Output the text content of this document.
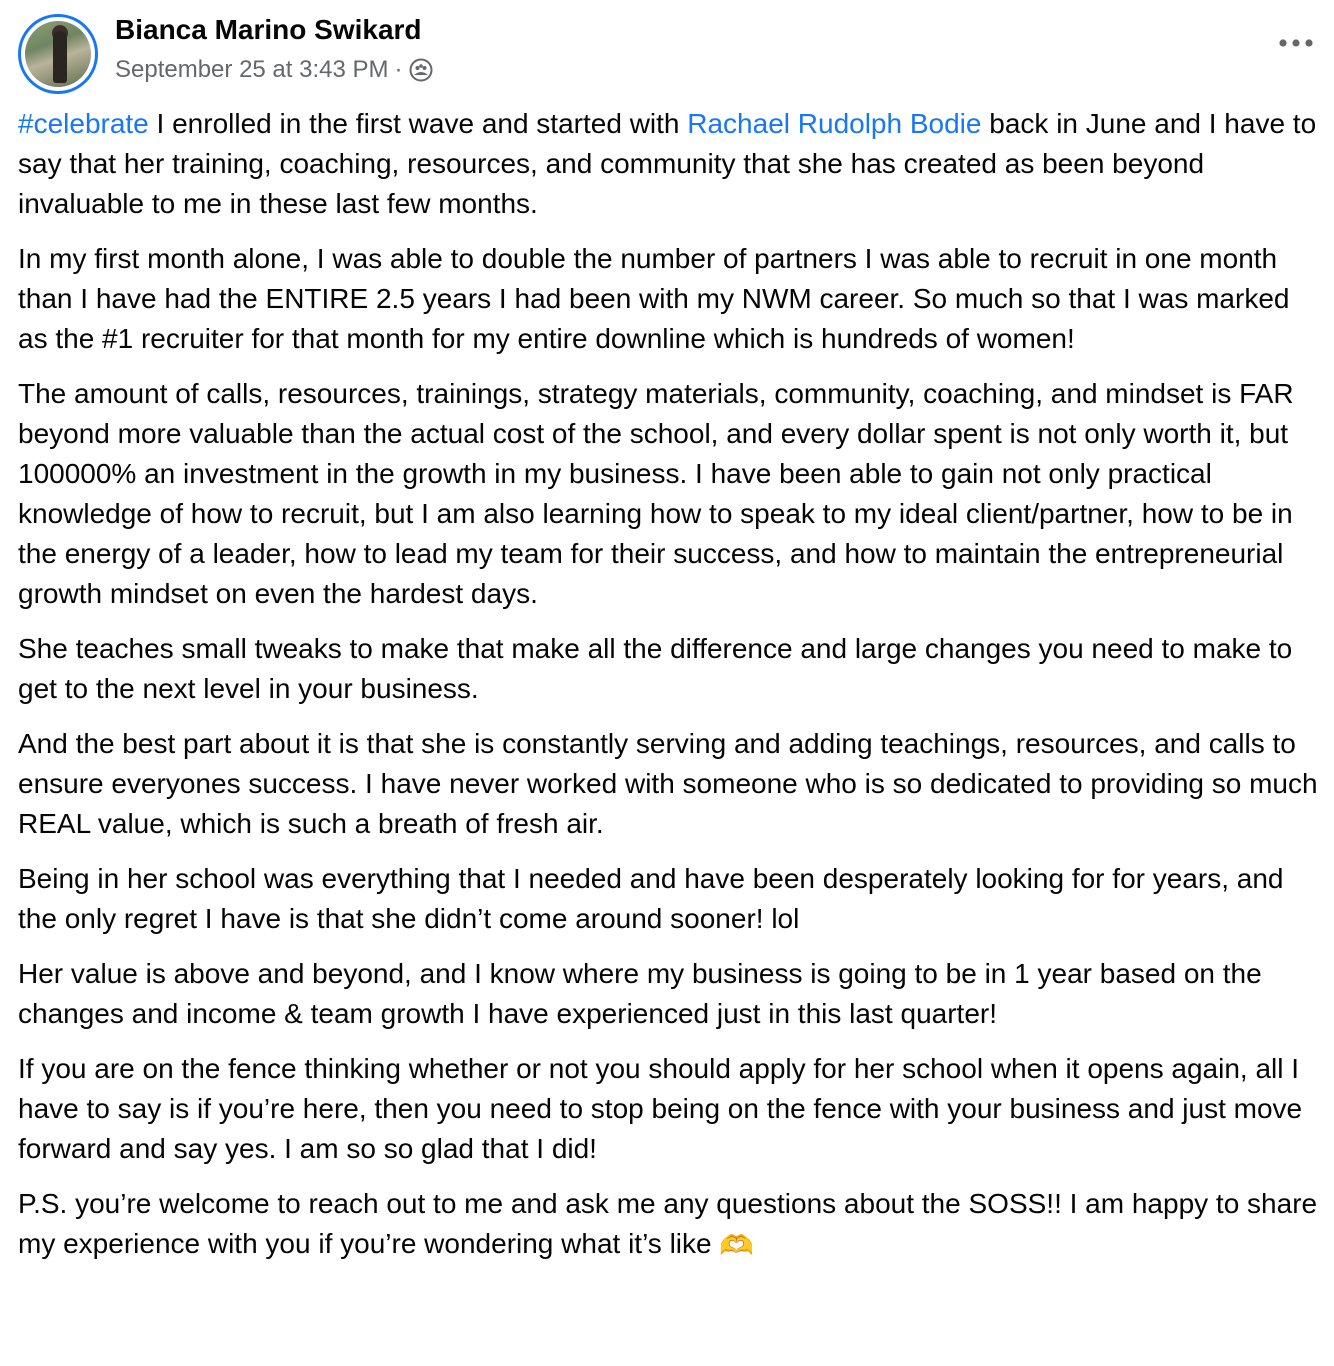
Bianca Marino Swikard
September 25 at 3:43 PM ·

#celebrate I enrolled in the first wave and started with Rachael Rudolph Bodie back in June and I have to say that her training, coaching, resources, and community that she has created as been beyond invaluable to me in these last few months.

In my first month alone, I was able to double the number of partners I was able to recruit in one month than I have had the ENTIRE 2.5 years I had been with my NWM career. So much so that I was marked as the #1 recruiter for that month for my entire downline which is hundreds of women!

The amount of calls, resources, trainings, strategy materials, community, coaching, and mindset is FAR beyond more valuable than the actual cost of the school, and every dollar spent is not only worth it, but 100000% an investment in the growth in my business. I have been able to gain not only practical knowledge of how to recruit, but I am also learning how to speak to my ideal client/partner, how to be in the energy of a leader, how to lead my team for their success, and how to maintain the entrepreneurial growth mindset on even the hardest days.

She teaches small tweaks to make that make all the difference and large changes you need to make to get to the next level in your business.

And the best part about it is that she is constantly serving and adding teachings, resources, and calls to ensure everyones success. I have never worked with someone who is so dedicated to providing so much REAL value, which is such a breath of fresh air.

Being in her school was everything that I needed and have been desperately looking for for years, and the only regret I have is that she didn’t come around sooner! lol

Her value is above and beyond, and I know where my business is going to be in 1 year based on the changes and income & team growth I have experienced just in this last quarter!

If you are on the fence thinking whether or not you should apply for her school when it opens again, all I have to say is if you’re here, then you need to stop being on the fence with your business and just move forward and say yes. I am so so glad that I did!

P.S. you’re welcome to reach out to me and ask me any questions about the SOSS!! I am happy to share my experience with you if you’re wondering what it’s like 🫶
